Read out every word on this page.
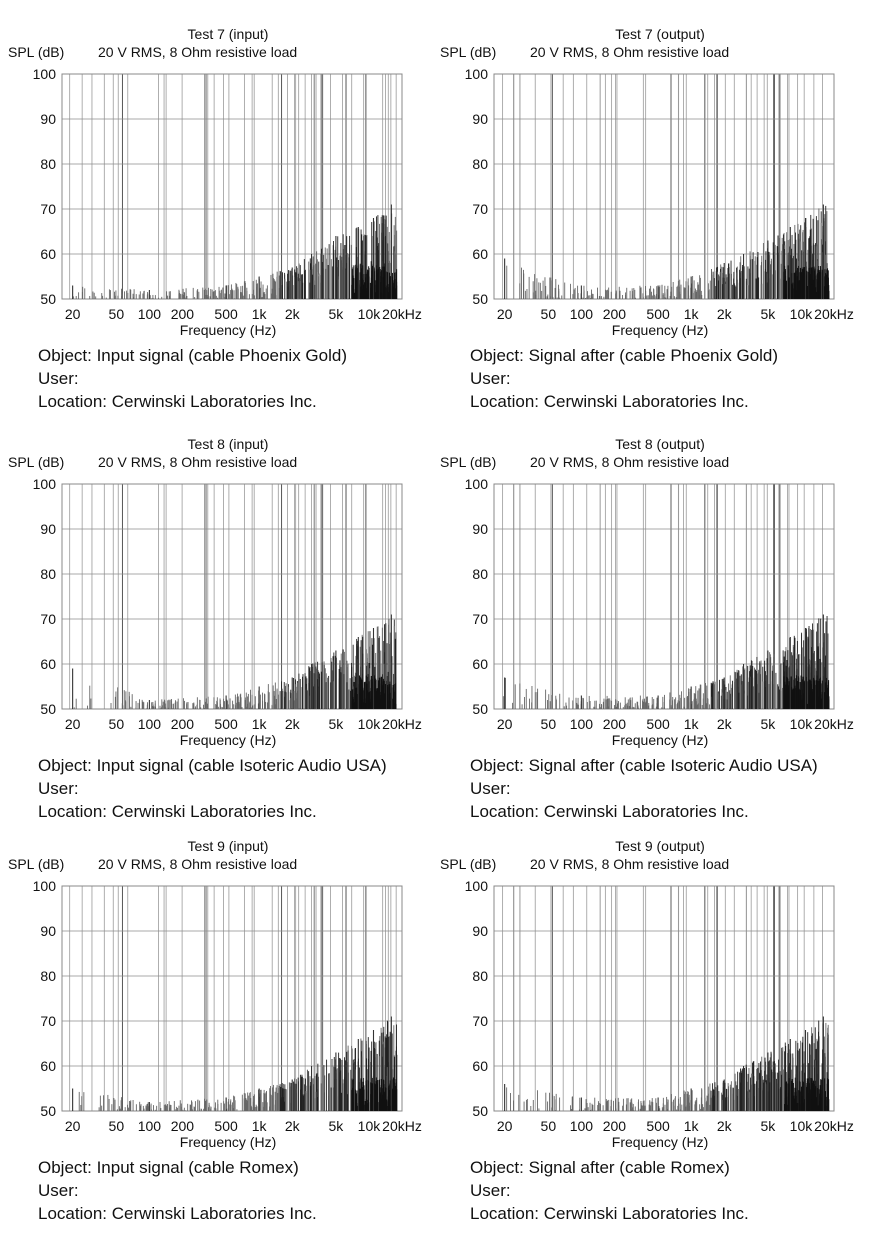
Test 7 (input)
SPL (dB) 20 V RMS, 8 Ohm resistive load
50
60
70
80
90
100
20 50 100 200 500 1k 2k 5k 10k 20kHz
Frequency (Hz)
Object: Input signal (cable Phoenix Gold)
User:
Location: Cerwinski Laboratories Inc.
Test 7 (output)
SPL (dB) 20 V RMS, 8 Ohm resistive load
50
60
70
80
90
100
20 50 100 200 500 1k 2k 5k 10k 20kHz
Frequency (Hz)
Object: Signal after (cable Phoenix Gold)
User:
Location: Cerwinski Laboratories Inc.
Test 8 (input)
SPL (dB) 20 V RMS, 8 Ohm resistive load
50
60
70
80
90
100
20 50 100 200 500 1k 2k 5k 10k 20kHz
Frequency (Hz)
Object: Input signal (cable Isoteric Audio USA)
User:
Location: Cerwinski Laboratories Inc.
Test 8 (output)
SPL (dB) 20 V RMS, 8 Ohm resistive load
50
60
70
80
90
100
20 50 100 200 500 1k 2k 5k 10k 20kHz
Frequency (Hz)
Object: Signal after (cable Isoteric Audio USA)
User:
Location: Cerwinski Laboratories Inc.
Test 9 (input)
SPL (dB) 20 V RMS, 8 Ohm resistive load
50
60
70
80
90
100
20 50 100 200 500 1k 2k 5k 10k 20kHz
Frequency (Hz)
Object: Input signal (cable Romex)
User:
Location: Cerwinski Laboratories Inc.
Test 9 (output)
SPL (dB) 20 V RMS, 8 Ohm resistive load
50
60
70
80
90
100
20 50 100 200 500 1k 2k 5k 10k 20kHz
Frequency (Hz)
Object: Signal after (cable Romex)
User:
Location: Cerwinski Laboratories Inc.
